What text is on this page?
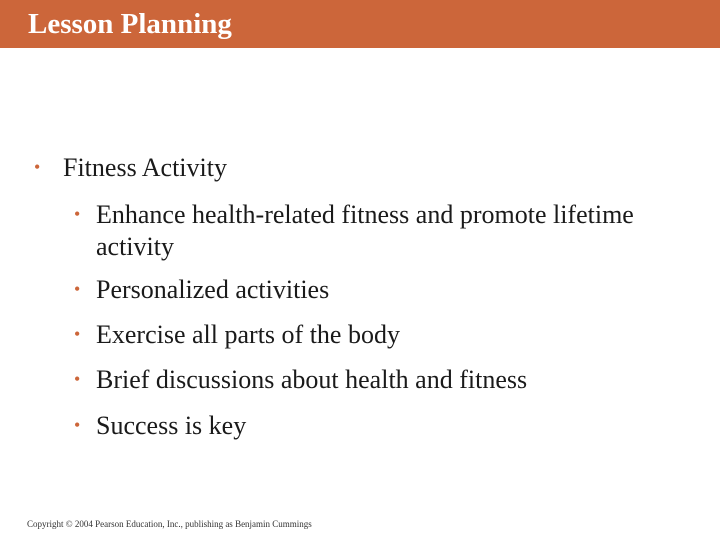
Lesson Planning
• Fitness Activity
• Enhance health-related fitness and promote lifetime activity
• Personalized activities
• Exercise all parts of the body
• Brief discussions about health and fitness
• Success is key
Copyright © 2004 Pearson Education, Inc., publishing as Benjamin Cummings
